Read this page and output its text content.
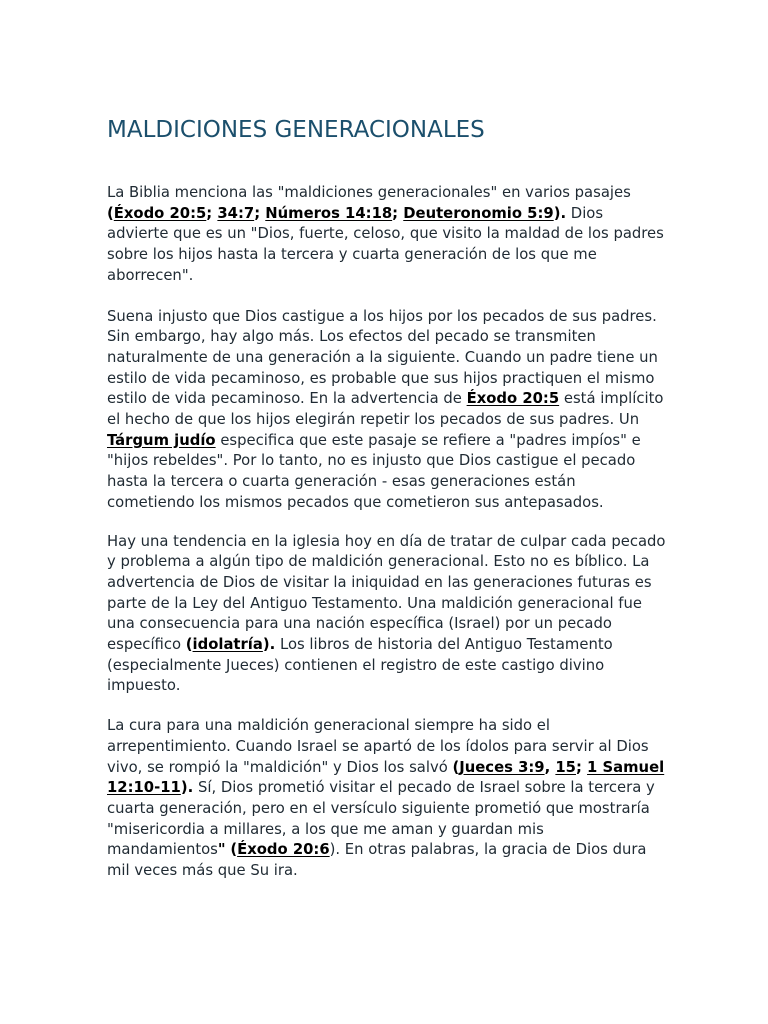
MALDICIONES GENERACIONALES

La Biblia menciona las "maldiciones generacionales" en varios pasajes (Éxodo 20:5; 34:7; Números 14:18; Deuteronomio 5:9). Dios advierte que es un "Dios, fuerte, celoso, que visito la maldad de los padres sobre los hijos hasta la tercera y cuarta generación de los que me aborrecen".

Suena injusto que Dios castigue a los hijos por los pecados de sus padres. Sin embargo, hay algo más. Los efectos del pecado se transmiten naturalmente de una generación a la siguiente. Cuando un padre tiene un estilo de vida pecaminoso, es probable que sus hijos practiquen el mismo estilo de vida pecaminoso. En la advertencia de Éxodo 20:5 está implícito el hecho de que los hijos elegirán repetir los pecados de sus padres. Un Tárgum judío especifica que este pasaje se refiere a "padres impíos" e "hijos rebeldes". Por lo tanto, no es injusto que Dios castigue el pecado hasta la tercera o cuarta generación - esas generaciones están cometiendo los mismos pecados que cometieron sus antepasados.

Hay una tendencia en la iglesia hoy en día de tratar de culpar cada pecado y problema a algún tipo de maldición generacional. Esto no es bíblico. La advertencia de Dios de visitar la iniquidad en las generaciones futuras es parte de la Ley del Antiguo Testamento. Una maldición generacional fue una consecuencia para una nación específica (Israel) por un pecado específico (idolatría). Los libros de historia del Antiguo Testamento (especialmente Jueces) contienen el registro de este castigo divino impuesto.

La cura para una maldición generacional siempre ha sido el arrepentimiento. Cuando Israel se apartó de los ídolos para servir al Dios vivo, se rompió la "maldición" y Dios los salvó (Jueces 3:9, 15; 1 Samuel 12:10-11). Sí, Dios prometió visitar el pecado de Israel sobre la tercera y cuarta generación, pero en el versículo siguiente prometió que mostraría "misericordia a millares, a los que me aman y guardan mis mandamientos" (Éxodo 20:6). En otras palabras, la gracia de Dios dura mil veces más que Su ira.
